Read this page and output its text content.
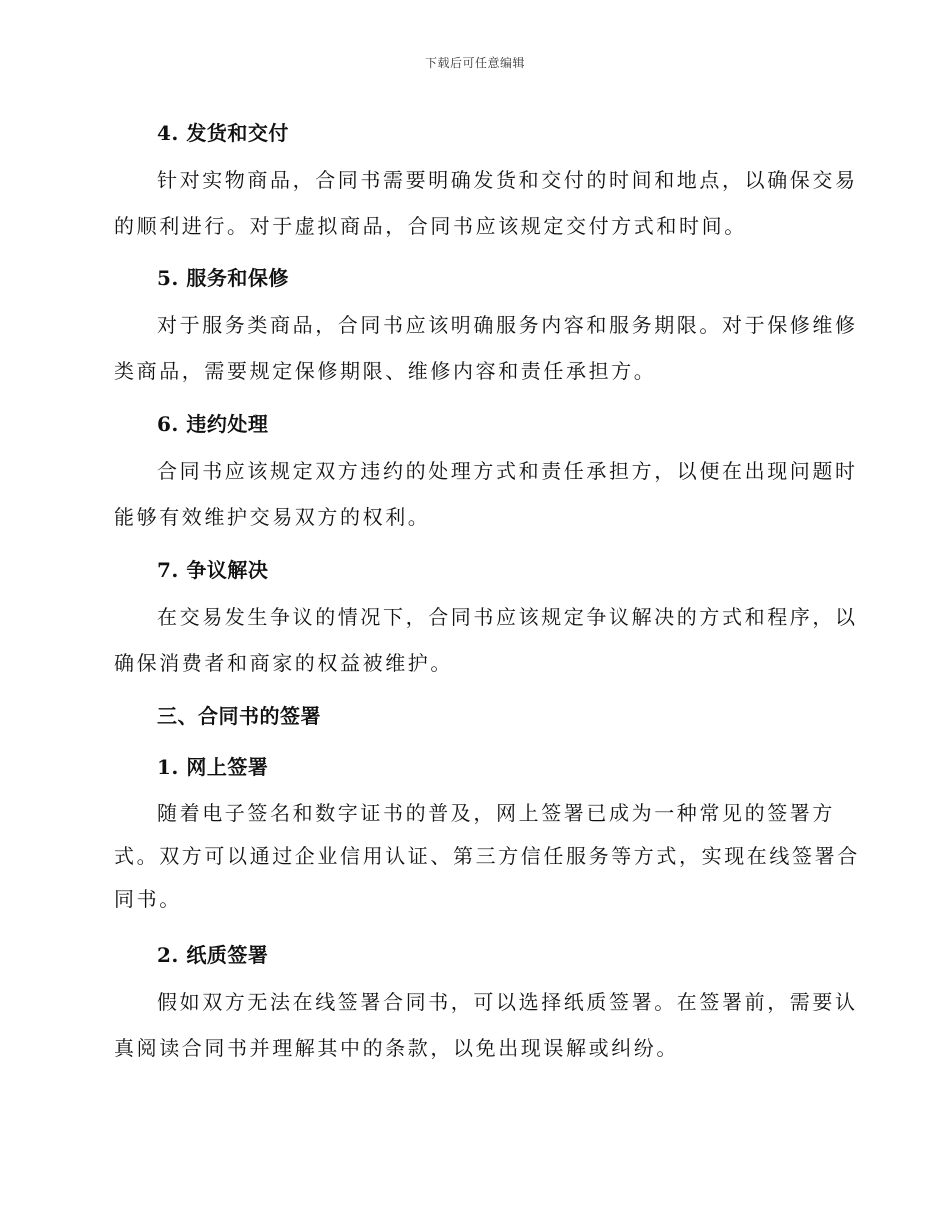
下载后可任意编辑
4. 发货和交付
针对实物商品，合同书需要明确发货和交付的时间和地点，以确保交易
的顺利进行。对于虚拟商品，合同书应该规定交付方式和时间。
5. 服务和保修
对于服务类商品，合同书应该明确服务内容和服务期限。对于保修维修
类商品，需要规定保修期限、维修内容和责任承担方。
6. 违约处理
合同书应该规定双方违约的处理方式和责任承担方，以便在出现问题时
能够有效维护交易双方的权利。
7. 争议解决
在交易发生争议的情况下，合同书应该规定争议解决的方式和程序，以
确保消费者和商家的权益被维护。
三、合同书的签署
1. 网上签署
随着电子签名和数字证书的普及，网上签署已成为一种常见的签署方
式。双方可以通过企业信用认证、第三方信任服务等方式，实现在线签署合
同书。
2. 纸质签署
假如双方无法在线签署合同书，可以选择纸质签署。在签署前，需要认
真阅读合同书并理解其中的条款，以免出现误解或纠纷。
